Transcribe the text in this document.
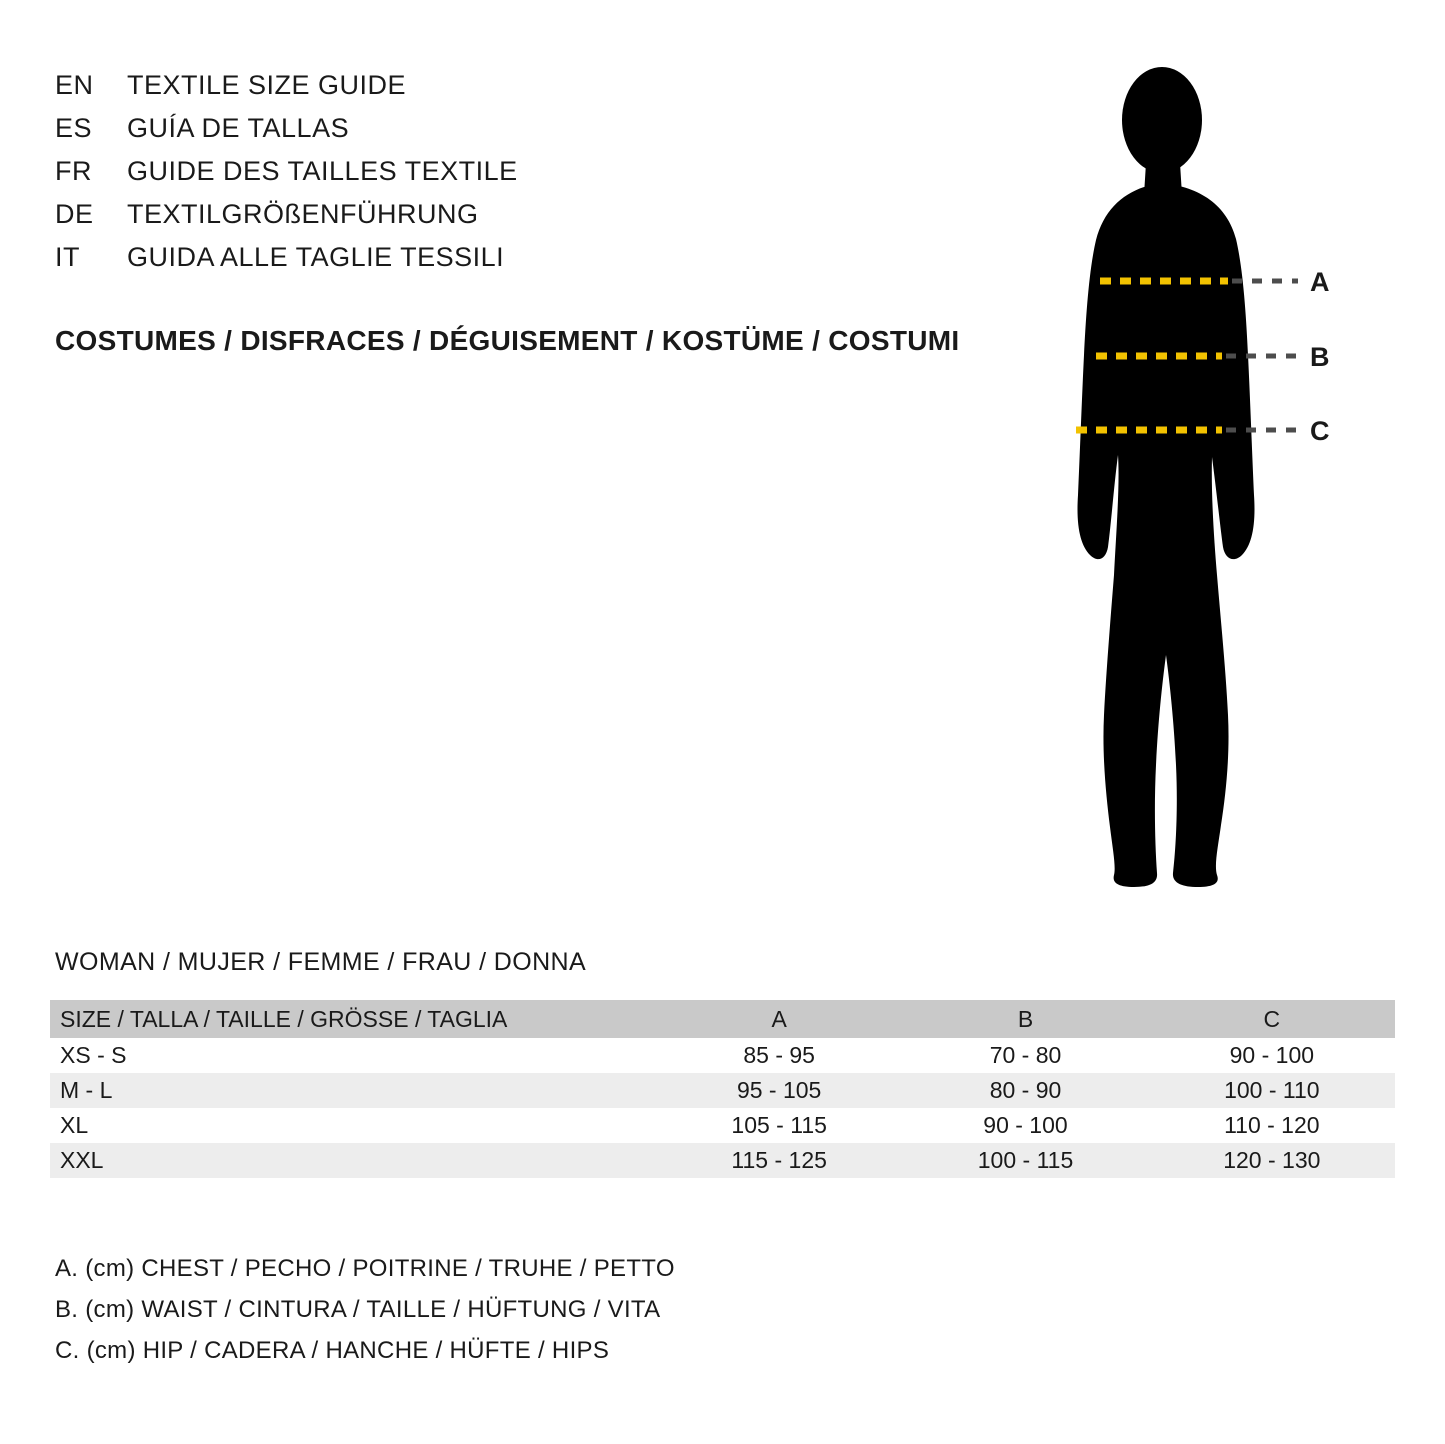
EN	TEXTILE SIZE GUIDE
ES	GUÍA DE TALLAS
FR	GUIDE DES TAILLES TEXTILE
DE	TEXTILGRÖßENFÜHRUNG
IT	GUIDA ALLE TAGLIE TESSILI
COSTUMES / DISFRACES / DÉGUISEMENT / KOSTÜME / COSTUMI
A
B
C
WOMAN / MUJER / FEMME / FRAU / DONNA
SIZE / TALLA / TAILLE / GRÖSSE / TAGLIA	A	B	C
XS - S	85 - 95	70 - 80	90 - 100
M - L	95 - 105	80 - 90	100 - 110
XL	105 - 115	90 - 100	110 - 120
XXL	115 - 125	100 - 115	120 - 130
A. (cm) CHEST / PECHO / POITRINE / TRUHE / PETTO
B. (cm) WAIST / CINTURA / TAILLE / HÜFTUNG / VITA
C. (cm) HIP / CADERA / HANCHE / HÜFTE / HIPS
